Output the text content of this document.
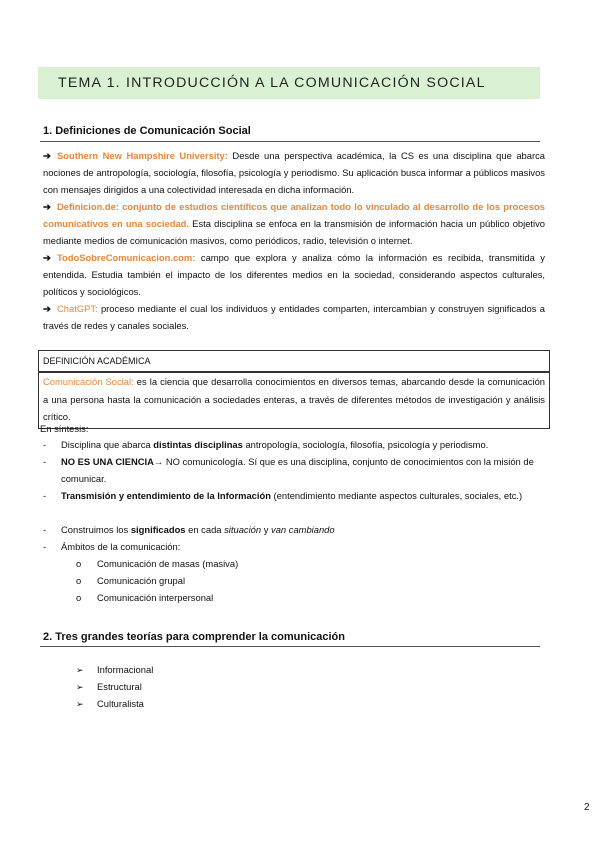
TEMA 1. INTRODUCCIÓN A LA COMUNICACIÓN SOCIAL
1. Definiciones de Comunicación Social
➔ Southern New Hampshire University: Desde una perspectiva académica, la CS es una disciplina que abarca nociones de antropología, sociología, filosofía, psicología y periodismo. Su aplicación busca informar a públicos masivos con mensajes dirigidos a una colectividad interesada en dicha información.
➔ Definicion.de: conjunto de estudios científicos que analizan todo lo vinculado al desarrollo de los procesos comunicativos en una sociedad. Esta disciplina se enfoca en la transmisión de información hacia un público objetivo mediante medios de comunicación masivos, como periódicos, radio, televisión o internet.
➔ TodoSobreComunicacion.com: campo que explora y analiza cómo la información es recibida, transmitida y entendida. Estudia también el impacto de los diferentes medios en la sociedad, considerando aspectos culturales, políticos y sociológicos.
➔ ChatGPT: proceso mediante el cual los individuos y entidades comparten, intercambian y construyen significados a través de redes y canales sociales.
DEFINICIÓN ACADÉMICA
Comunicación Social: es la ciencia que desarrolla conocimientos en diversos temas, abarcando desde la comunicación a una persona hasta la comunicación a sociedades enteras, a través de diferentes métodos de investigación y análisis crítico.
En síntesis:
- Disciplina que abarca distintas disciplinas antropología, sociología, filosofía, psicología y periodismo.
- NO ES UNA CIENCIA→ NO comunicología. Sí que es una disciplina, conjunto de conocimientos con la misión de comunicar.
- Transmisión y entendimiento de la Información (entendimiento mediante aspectos culturales, sociales, etc.)
- Construimos los significados en cada situación y van cambiando
- Ámbitos de la comunicación:
o Comunicación de masas (masiva)
o Comunicación grupal
o Comunicación interpersonal
2. Tres grandes teorías para comprender la comunicación
➢ Informacional
➢ Estructural
➢ Culturalista
2
